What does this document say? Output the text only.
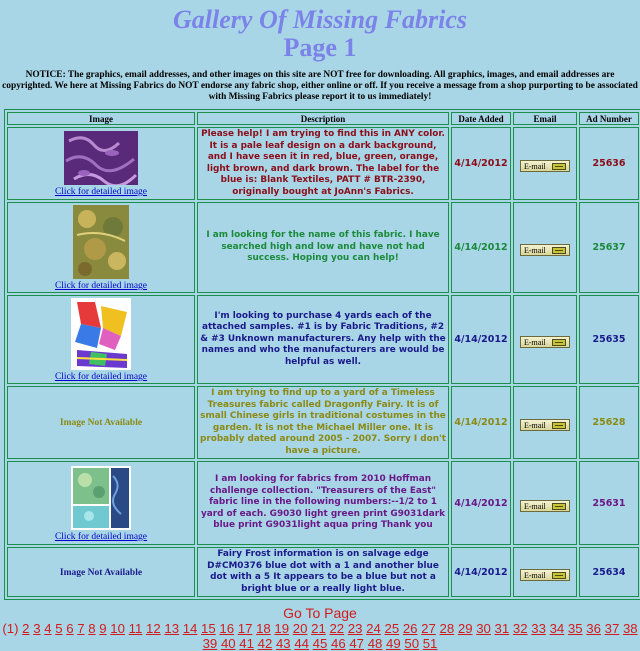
Gallery Of Missing Fabrics
Page 1
NOTICE: The graphics, email addresses, and other images on this site are NOT free for downloading. All graphics, images, and email addresses are copyrighted. We here at Missing Fabrics do NOT endorse any fabric shop, either online or off. If you receive a message from a shop purporting to be associated with Missing Fabrics please report it to us immediately!
Image	Description	Date Added	Email	Ad Number

Click for detailed image	Please help! I am trying to find this in ANY color. It is a pale leaf design on a dark background, and I have seen it in red, blue, green, orange, light brown, and dark brown. The label for the blue is: Blank Textiles, PATT # BTR-2390, originally bought at JoAnn's Fabrics.	4/14/2012	E-mail	25636

Click for detailed image	I am looking for the name of this fabric. I have searched high and low and have not had success. Hoping you can help!	4/14/2012	E-mail	25637

Click for detailed image	I'm looking to purchase 4 yards each of the attached samples. #1 is by Fabric Traditions, #2 & #3 Unknown manufacturers. Any help with the names and who the manufacturers are would be helpful as well.	4/14/2012	E-mail	25635
Image Not Available	I am trying to find up to a yard of a Timeless Treasures fabric called Dragonfly Fairy. It is of small Chinese girls in traditional costumes in the garden. It is not the Michael Miller one. It is probably dated around 2005 - 2007. Sorry I don't have a picture.	4/14/2012	E-mail	25628

Click for detailed image	I am looking for fabrics from 2010 Hoffman challenge collection. "Treasurers of the East" fabric line in the following numbers:--1/2 to 1 yard of each. G9030 light green print G9031dark blue print G9031light aqua pring Thank you	4/14/2012	E-mail	25631
Image Not Available	Fairy Frost information is on salvage edge D#CM0376 blue dot with a 1 and another blue dot with a 5 It appears to be a blue but not a bright blue or a really light blue.	4/14/2012	E-mail	25634
Go To Page
(1) 2 3 4 5 6 7 8 9 10 11 12 13 14 15 16 17 18 19 20 21 22 23 24 25 26 27 28 29 30 31 32 33 34 35 36 37 38 39 40 41 42 43 44 45 46 47 48 49 50 51
